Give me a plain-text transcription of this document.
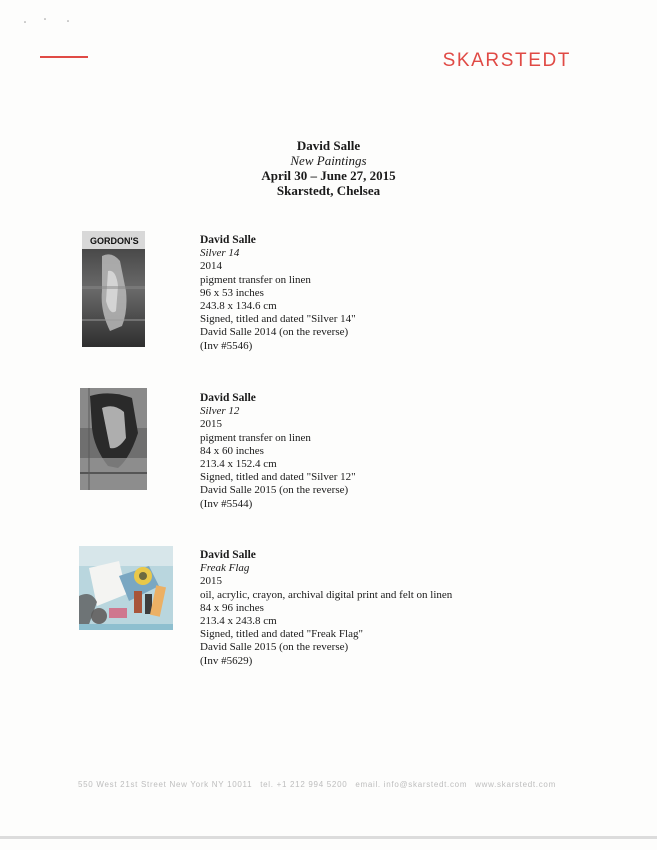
SKARSTEDT
David Salle
New Paintings
April 30 – June 27, 2015
Skarstedt, Chelsea
GORDON'S	David Salle
Silver 14
2014
pigment transfer on linen
96 x 53 inches
243.8 x 134.6 cm
Signed, titled and dated "Silver 14"
David Salle 2014 (on the reverse)
(Inv #5546)
David Salle
Silver 12
2015
pigment transfer on linen
84 x 60 inches
213.4 x 152.4 cm
Signed, titled and dated "Silver 12"
David Salle 2015 (on the reverse)
(Inv #5544)
David Salle
Freak Flag
2015
oil, acrylic, crayon, archival digital print and felt on linen
84 x 96 inches
213.4 x 243.8 cm
Signed, titled and dated "Freak Flag"
David Salle 2015 (on the reverse)
(Inv #5629)
550 West 21st Street New York NY 10011 tel. +1 212 994 5200 email. info@skarstedt.com www.skarstedt.com
